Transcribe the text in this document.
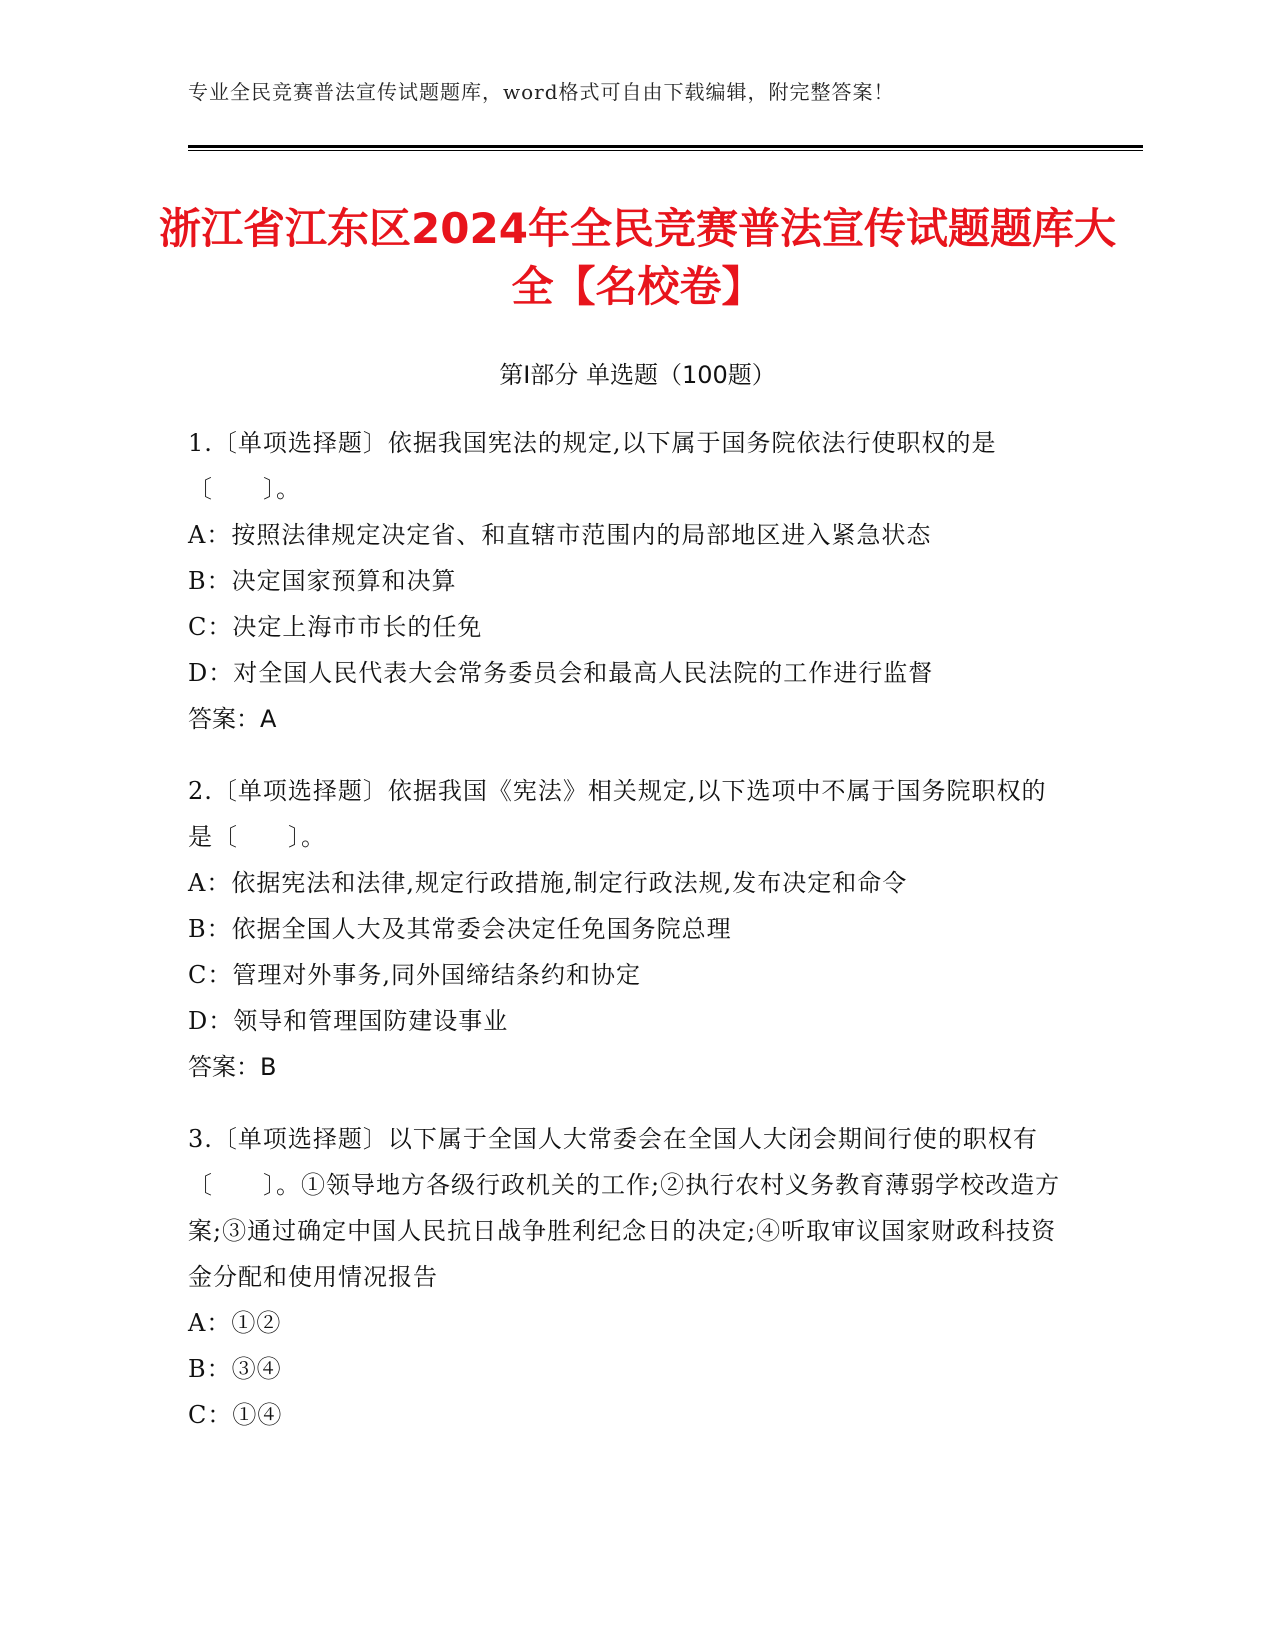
专业全民竞赛普法宣传试题题库，word格式可自由下载编辑，附完整答案！
浙江省江东区2024年全民竞赛普法宣传试题题库大全【名校卷】
第Ⅰ部分 单选题（100题）

1.〔单项选择题〕依据我国宪法的规定,以下属于国务院依法行使职权的是〔　　〕。

A：按照法律规定决定省、和直辖市范围内的局部地区进入紧急状态

B：决定国家预算和决算

C：决定上海市市长的任免

D：对全国人民代表大会常务委员会和最高人民法院的工作进行监督

答案：A

2.〔单项选择题〕依据我国《宪法》相关规定,以下选项中不属于国务院职权的是〔　　〕。

A：依据宪法和法律,规定行政措施,制定行政法规,发布决定和命令

B：依据全国人大及其常委会决定任免国务院总理

C：管理对外事务,同外国缔结条约和协定

D：领导和管理国防建设事业

答案：B

3.〔单项选择题〕以下属于全国人大常委会在全国人大闭会期间行使的职权有〔　　〕。①领导地方各级行政机关的工作;②执行农村义务教育薄弱学校改造方案;③通过确定中国人民抗日战争胜利纪念日的决定;④听取审议国家财政科技资金分配和使用情况报告

A：①②

B：③④

C：①④
